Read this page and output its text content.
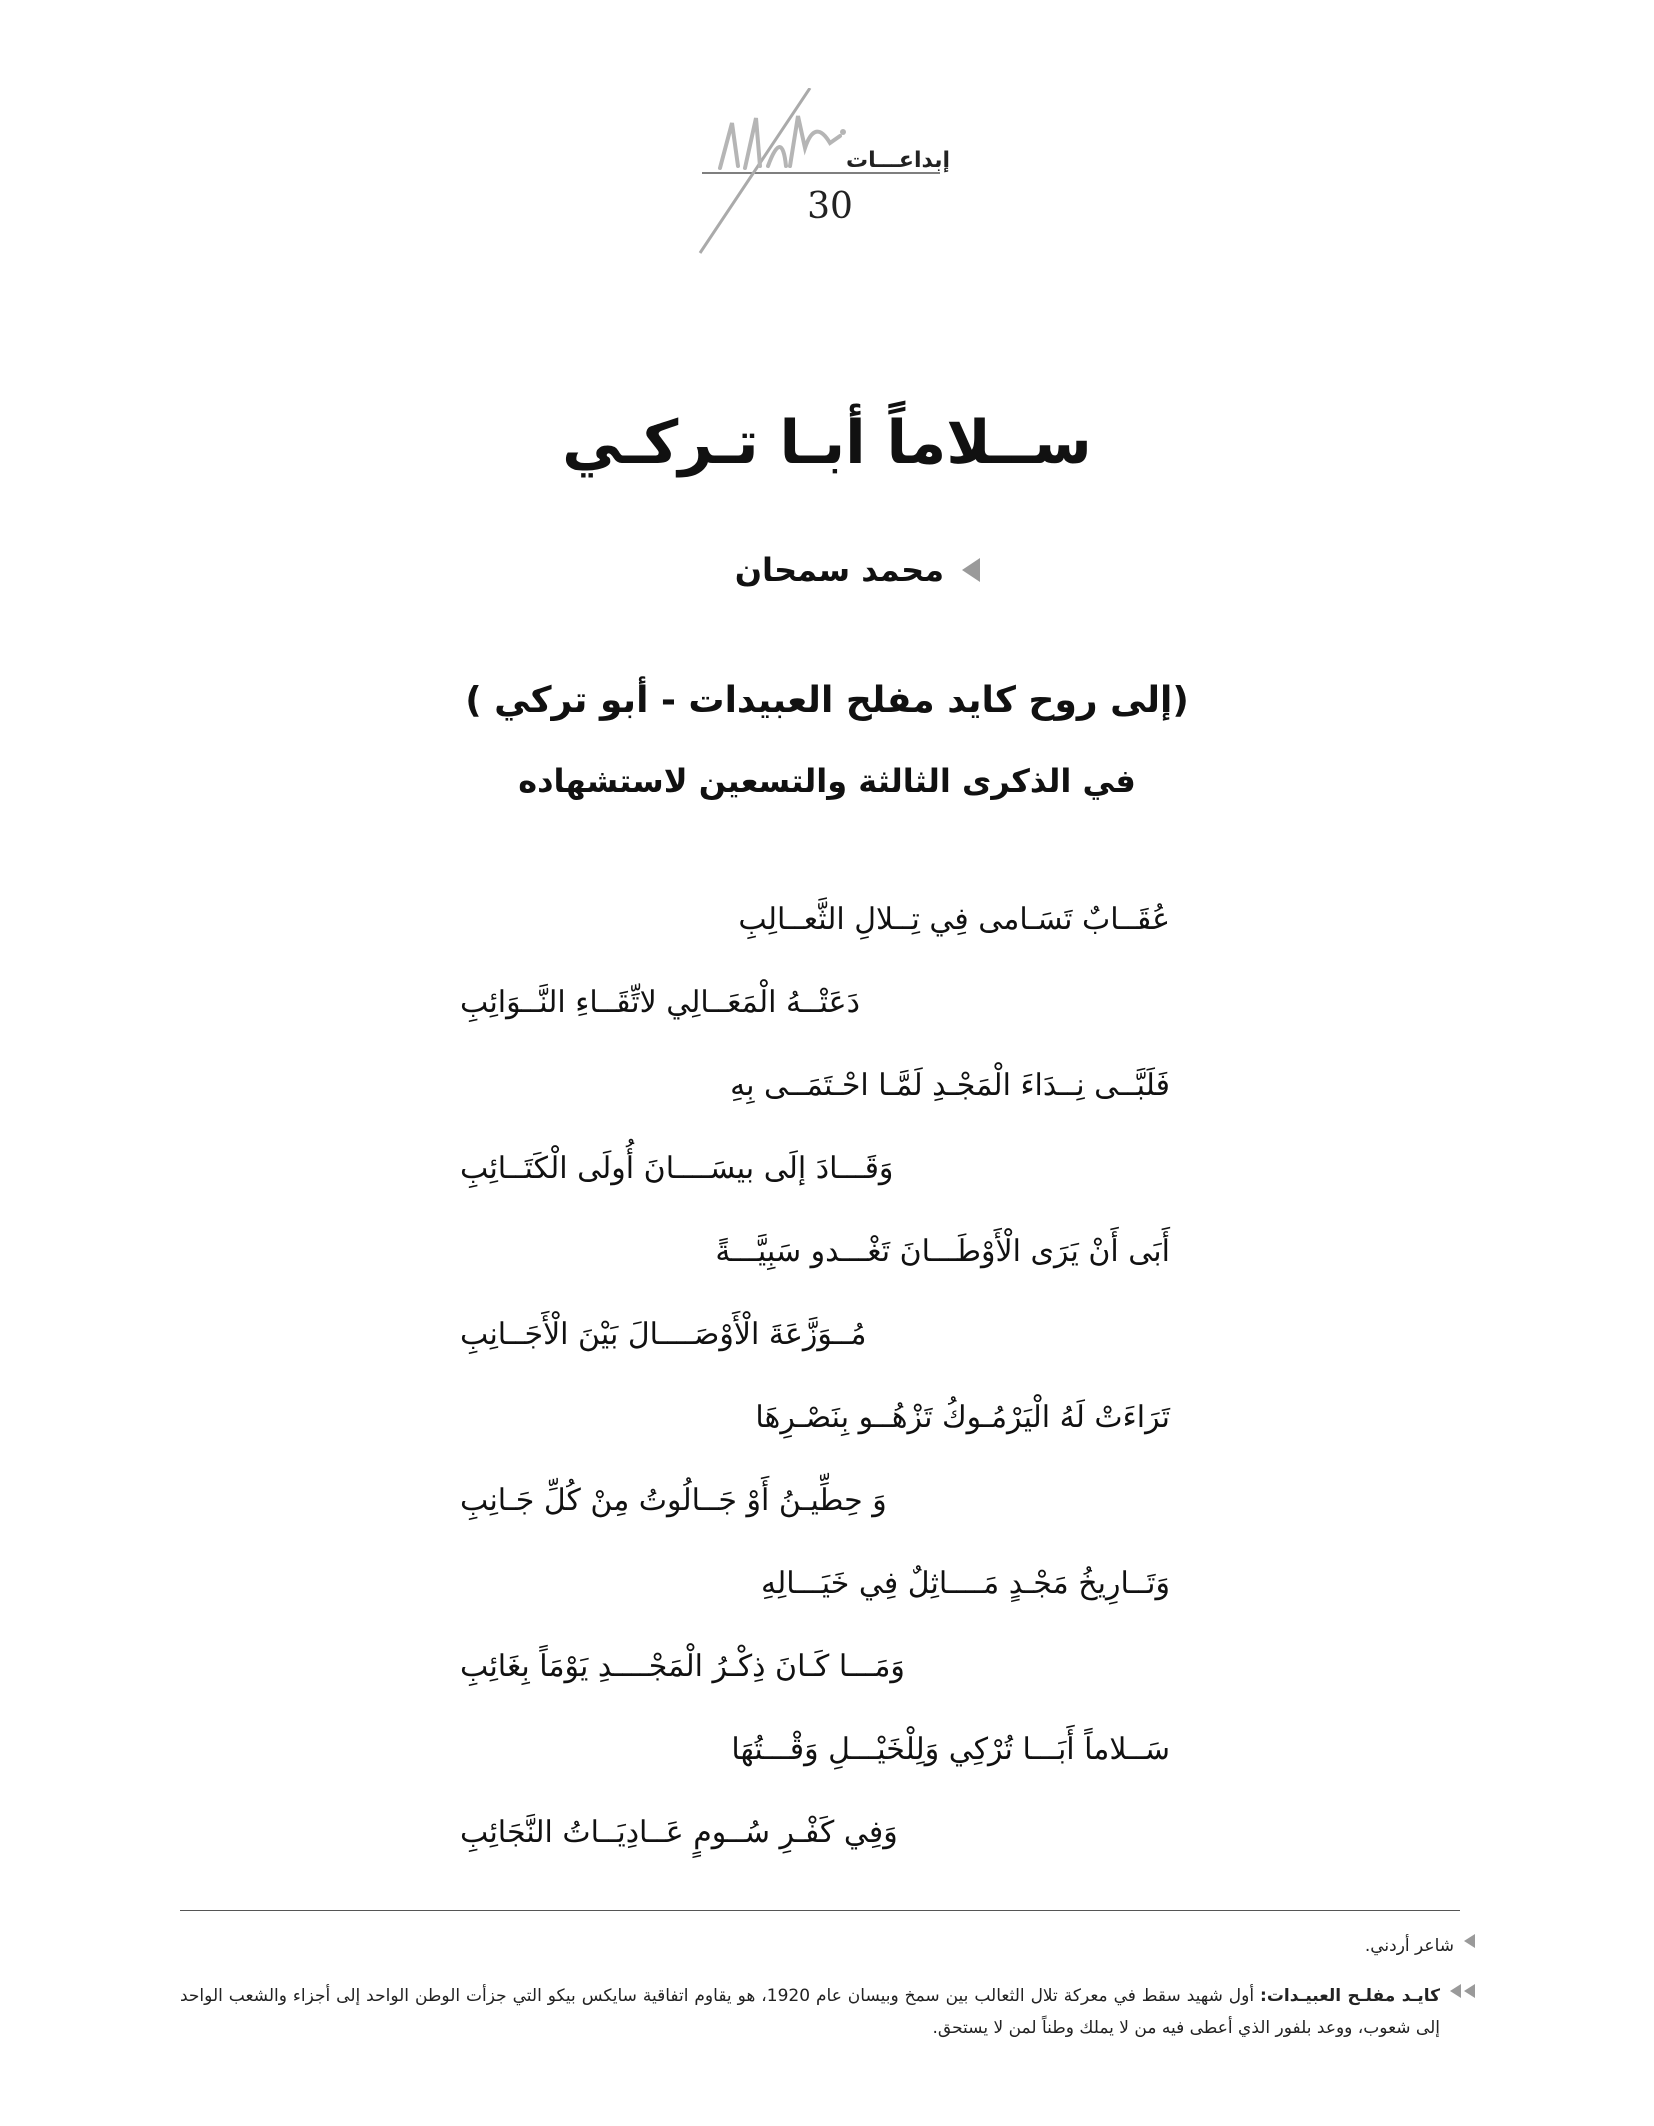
إبداعـــات
30
ســلاماً أبـا تـركـي
محمد سمحان
(إلى روح كايد مفلح العبيدات - أبو تركي )
في الذكرى الثالثة والتسعين لاستشهاده
عُقَــابٌ تَسَـامى فِي تِــلالِ الثَّعــالِبِ
دَعَتْــهُ الْمَعَــالِي لاتِّقَــاءِ النَّــوَائِبِ
فَلَبَّــى نِــدَاءَ الْمَجْـدِ لَمَّـا احْـتَمَــى بِهِ
وَقَـــادَ إلَى بيسَــــانَ أُولَى الْكَتَــائِبِ
أَبَى أَنْ يَرَى الْأَوْطَـــانَ تَغْـــدو سَبِيَّـــةً
مُــوَزَّعَةَ الْأَوْصَــــالَ بَيْنَ الْأَجَــانِبِ
تَرَاءَتْ لَهُ الْيَرْمُـوكُ تَزْهُــو بِنَصْـرِهَا
وَ حِطِّيـنُ أَوْ جَــالُوتُ مِنْ كُلِّ جَـانِبِ
وَتَــارِيخُ مَجْـدٍ مَــــاثِلٌ فِي خَيَـــالِهِ
وَمَـــا كَـانَ ذِكْـرُ الْمَجْــــدِ يَوْمَاً بِغَائِبِ
سَــلاماً أَبَـــا تُرْكِي وَلِلْخَيْـــلِ وَقْـــتُهَا
وَفِي كَفْـرِ سُــومٍ عَــادِيَــاتُ النَّجَائِبِ
شاعر أردني.
كايـد مفلـح العبيـدات: أول شهيد سقط في معركة تلال الثعالب بين سمخ وبيسان عام 1920، هو يقاوم اتفاقية سايكس بيكو التي جزأت الوطن الواحد إلى أجزاء والشعب الواحد إلى شعوب، ووعد بلفور الذي أعطى فيه من لا يملك وطناً لمن لا يستحق.
